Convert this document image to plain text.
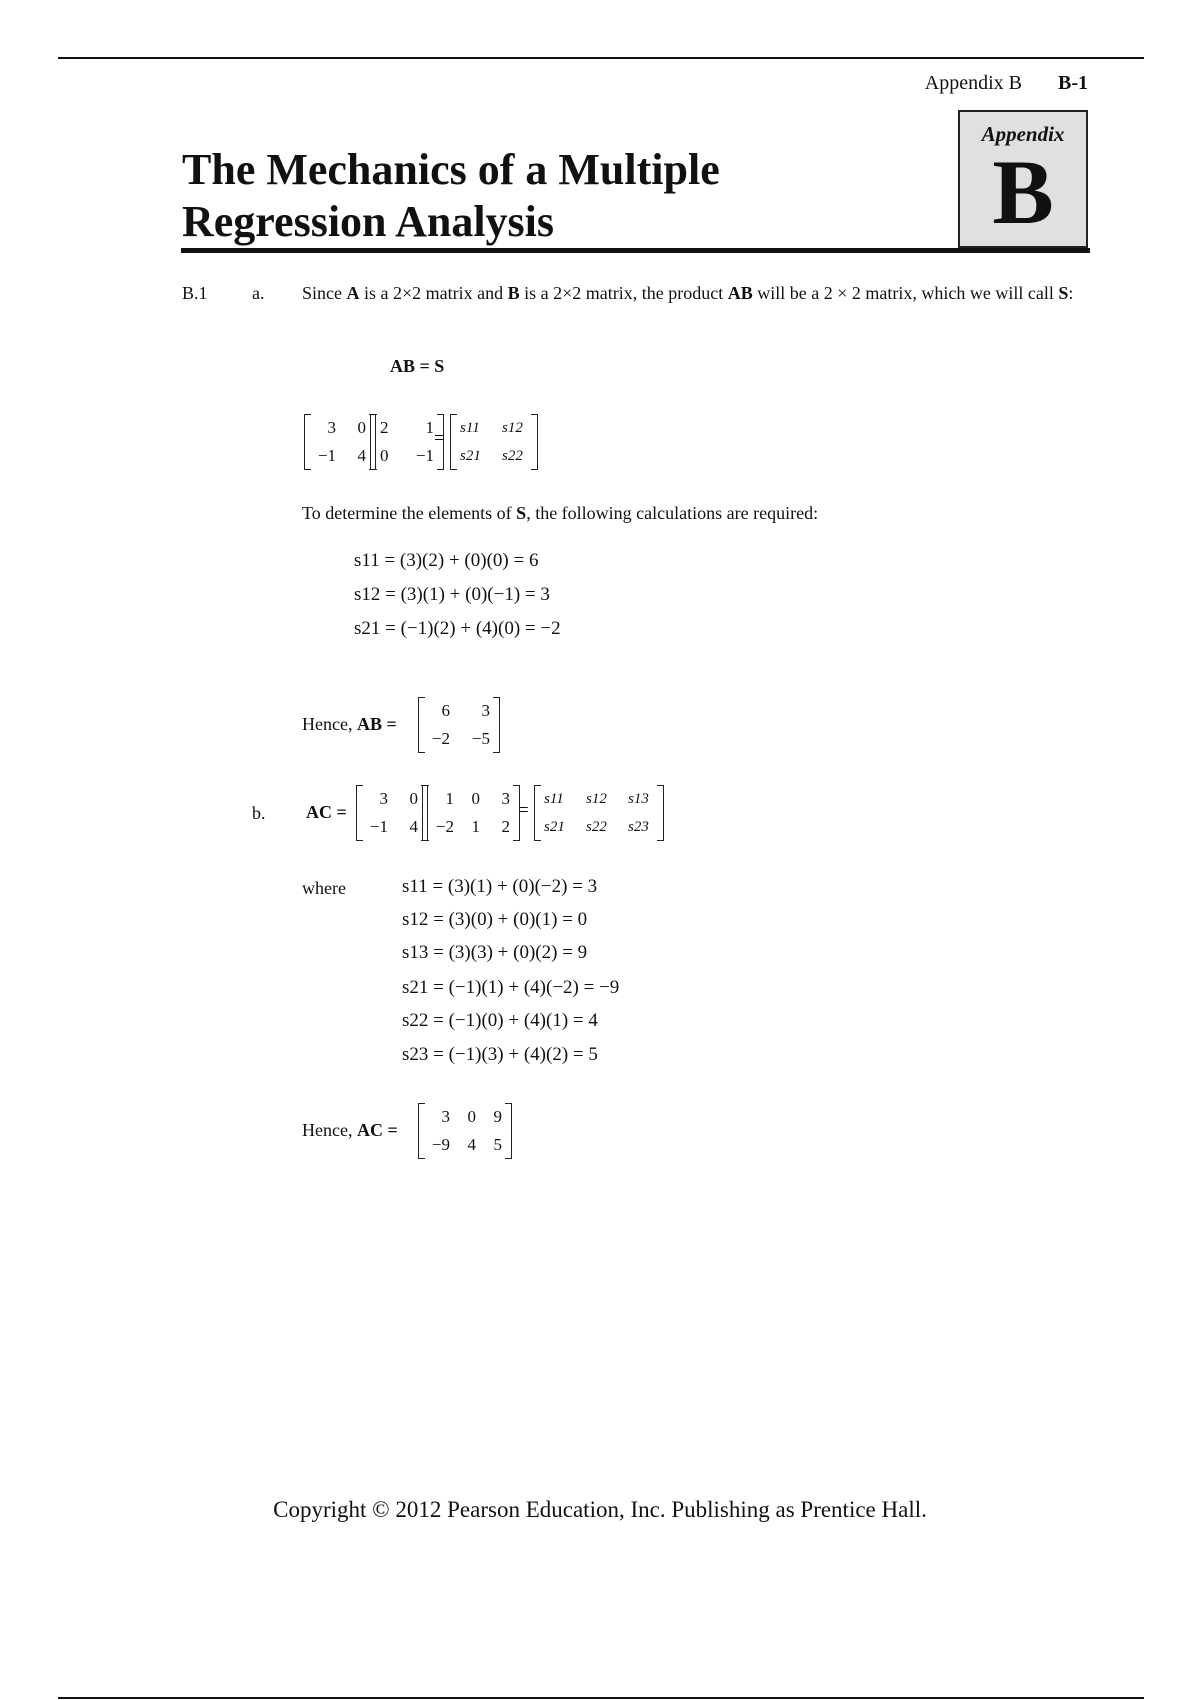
Appendix B B-1
The Mechanics of a Multiple
Regression Analysis
Appendix
B
B.1 a. Since A is a 2×2 matrix and B is a 2×2 matrix, the product AB will be a 2 × 2 matrix, which we will call S:
AB = S
3	0
−1	4
2	1
0	−1
= s11	s12
s21	s22
To determine the elements of S, the following calculations are required:
s11 = (3)(2) + (0)(0) = 6
s12 = (3)(1) + (0)(−1) = 3
s21 = (−1)(2) + (4)(0) = −2
Hence, AB =
6	3
−2	−5
b. AC =
3	0
−1	4
1 0	3
−2 1	2
=
s11	s12	s13
s21	s22	s23
where	s11 = (3)(1) + (0)(−2) = 3
s12 = (3)(0) + (0)(1) = 0
s13 = (3)(3) + (0)(2) = 9
s21 = (−1)(1) + (4)(−2) = −9
s22 = (−1)(0) + (4)(1) = 4
s23 = (−1)(3) + (4)(2) = 5
Hence, AC =
3 0 9
−9 4 5
Copyright © 2012 Pearson Education, Inc. Publishing as Prentice Hall.
